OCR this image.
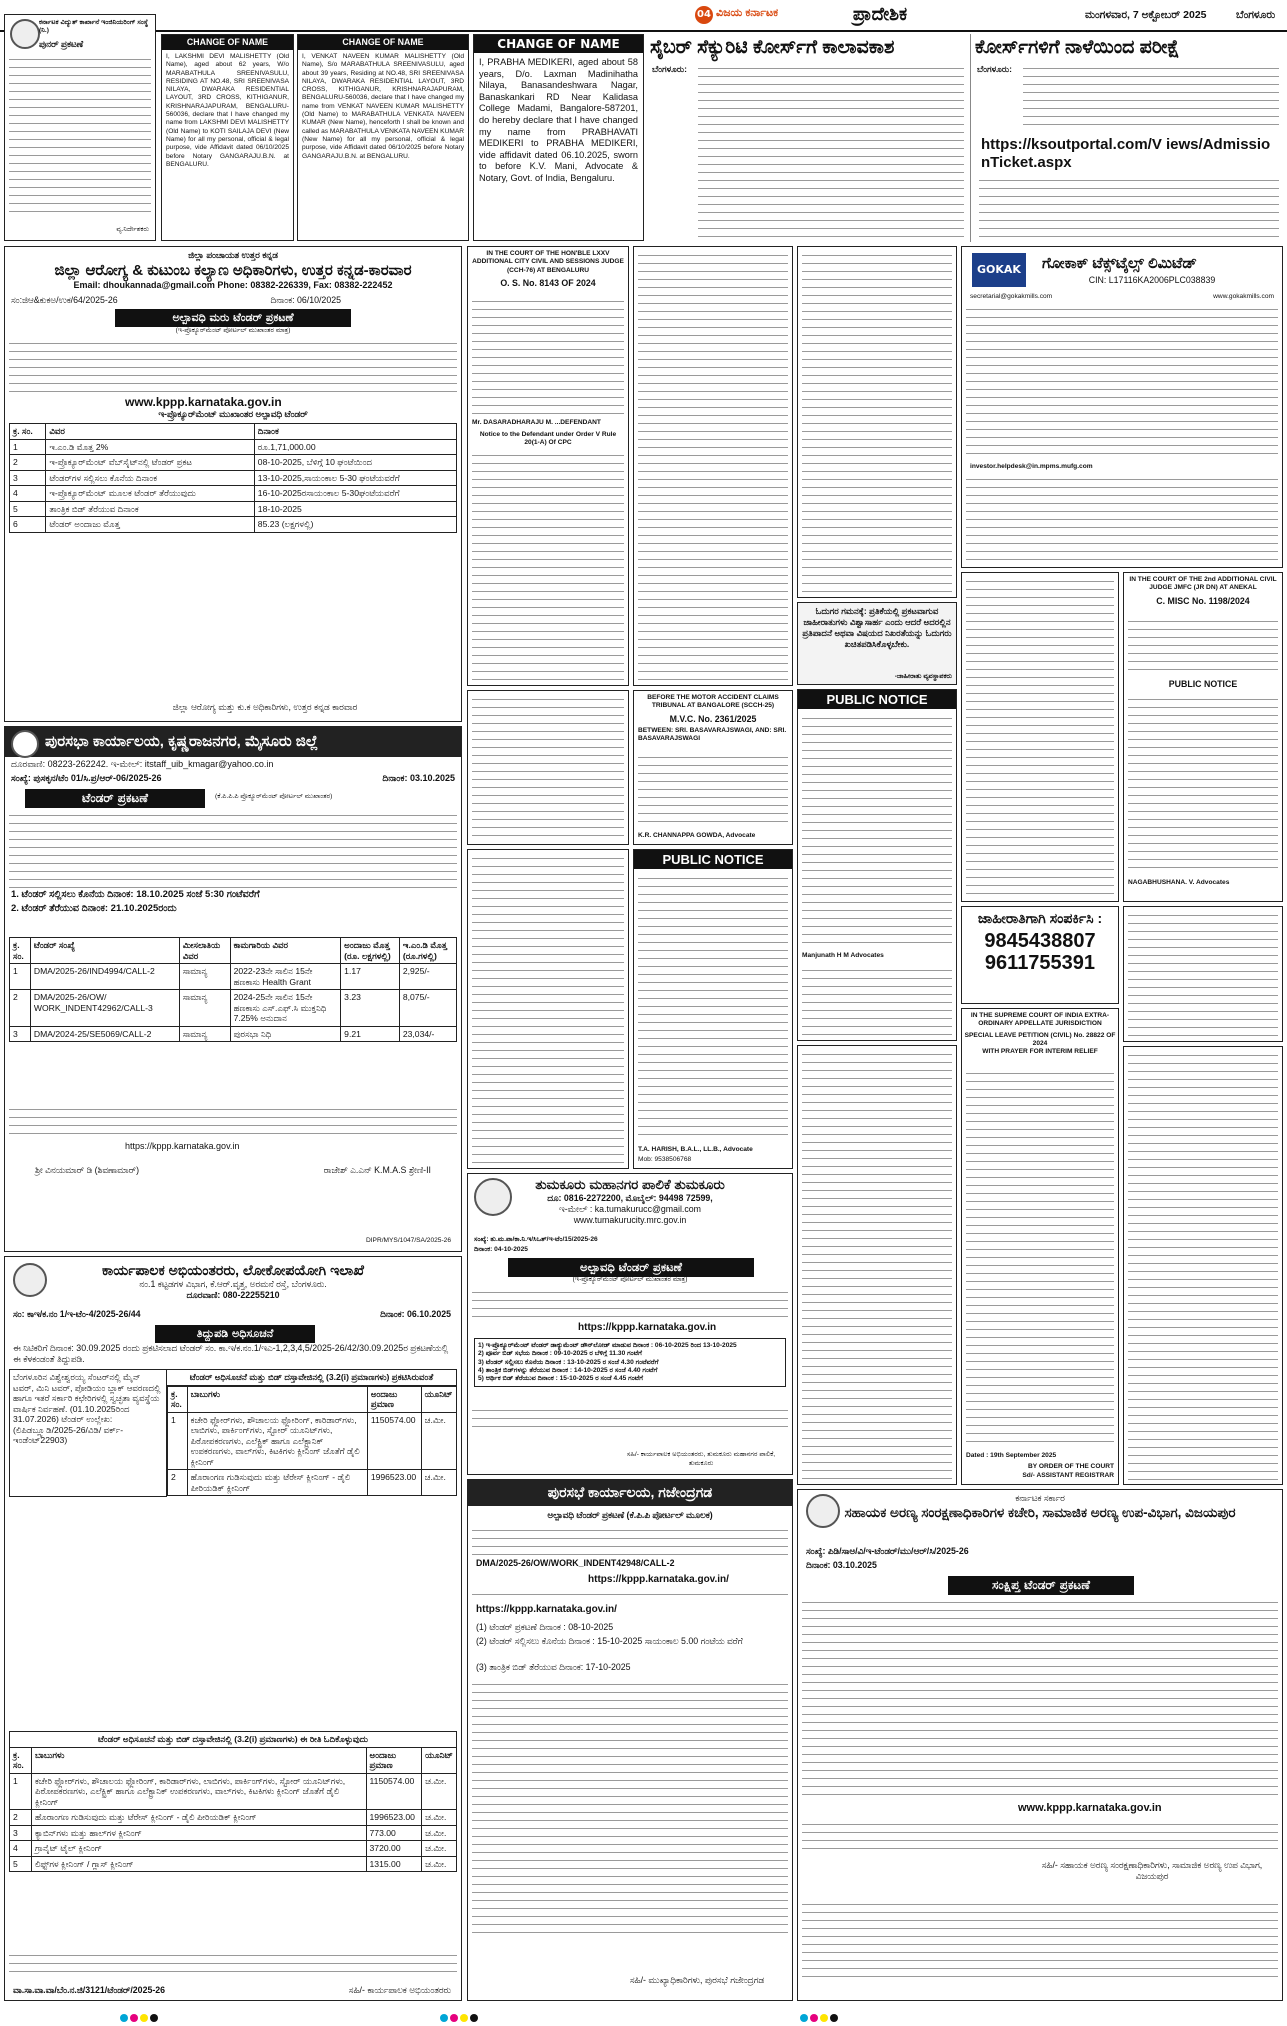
04 ವಿಜಯ ಕರ್ನಾಟಕ	ಪ್ರಾದೇಶಿಕ	ಮಂಗಳವಾರ, 7 ಅಕ್ಟೋಬರ್ 2025	ಬೆಂಗಳೂರು
ಕರ್ನಾಟಕ ವಿದ್ಯುತ್ ಕಾರ್ಖಾನೆ ಇಂಜಿನಿಯರಿಂಗ್ ಸಂಸ್ಥೆ (ನಿ.)
ಪುನರ್ ಪ್ರಕಟಣೆ
ವ್ಯ.ನಿರ್ದೇಶಕರು
CHANGE OF NAME
I, LAKSHMI DEVI MALISHETTY (Old Name), aged about 62 years, W/o MARABATHULA SREENIVASULU, RESIDING AT NO.48, SRI SREENIVASA NILAYA, DWARAKA RESIDENTIAL LAYOUT, 3RD CROSS, KITHIGANUR, KRISHNARAJAPURAM, BENGALURU-560036, declare that I have changed my name from LAKSHMI DEVI MALISHETTY (Old Name) to KOTI SAILAJA DEVI (New Name) for all my personal, official & legal purpose, vide Affidavit dated 06/10/2025 before Notary GANGARAJU.B.N. at BENGALURU.
CHANGE OF NAME
I, VENKAT NAVEEN KUMAR MALISHETTY (Old Name), S/o MARABATHULA SREENIVASULU, aged about 39 years, Residing at NO.48, SRI SREENIVASA NILAYA, DWARAKA RESIDENTIAL LAYOUT, 3RD CROSS, KITHIGANUR, KRISHNARAJAPURAM, BENGALURU-560036, declare that I have changed my name from VENKAT NAVEEN KUMAR MALISHETTY (Old Name) to MARABATHULA VENKATA NAVEEN KUMAR (New Name), henceforth I shall be known and called as MARABATHULA VENKATA NAVEEN KUMAR (New Name) for all my personal, official & legal purpose, vide Affidavit dated 06/10/2025 before Notary GANGARAJU.B.N. at BENGALURU.
CHANGE OF NAME
I, PRABHA MEDIKERI, aged about 58 years, D/o. Laxman Madinihatha Nilaya, Banasandeshwara Nagar, Banaskankari RD Near Kalidasa College Madami, Bangalore-587201, do hereby declare that I have changed my name from PRABHAVATI MEDIKERI to PRABHA MEDIKERI, vide affidavit dated 06.10.2025, sworn to before K.V. Mani, Advocate & Notary, Govt. of India, Bengaluru.
ಸೈಬರ್ ಸೆಕ್ಯುರಿಟಿ ಕೋರ್ಸ್‌ಗೆ ಕಾಲಾವಕಾಶ
ಬೆಂಗಳೂರು:
ಕೋರ್ಸ್‌ಗಳಿಗೆ ನಾಳೆಯಿಂದ ಪರೀಕ್ಷೆ
ಬೆಂಗಳೂರು:
https://ksoutportal.com/V iews/AdmissionTicket.aspx
ಜಿಲ್ಲಾ ಪಂಚಾಯತ ಉತ್ತರ ಕನ್ನಡ
ಜಿಲ್ಲಾ ಆರೋಗ್ಯ & ಕುಟುಂಬ ಕಲ್ಯಾಣ ಅಧಿಕಾರಿಗಳು, ಉತ್ತರ ಕನ್ನಡ-ಕಾರವಾರ
Email: dhoukannada@gmail.com Phone: 08382-226339, Fax: 08382-222452
ಸಂ:ಜಿಆ&ಕುಕಅ/ಉಕ/64/2025-26	ದಿನಾಂಕ: 06/10/2025
ಅಲ್ಪಾವಧಿ ಮರು ಟೆಂಡರ್ ಪ್ರಕಟಣೆ
(ಇ-ಪ್ರೊಕ್ಯೂರ್‌ಮೆಂಟ್ ಪೋರ್ಟಲ್ ಮುಖಾಂತರ ಮಾತ್ರ)
www.kppp.karnataka.gov.in
ಇ-ಪ್ರೊಕ್ಯೂರ್‌ಮೆಂಟ್ ಮುಖಾಂತರ ಅಲ್ಪಾವಧಿ ಟೆಂಡರ್
ಕ್ರ. ಸಂ.	ವಿವರ	ದಿನಾಂಕ
1	ಇ.ಎಂ.ಡಿ ಮೊತ್ತ 2%	ರೂ.1,71,000.00
2	ಇ-ಪ್ರೊಕ್ಯೂರ್‌ಮೆಂಟ್ ವೆಬ್‌ಸೈಟ್‌ನಲ್ಲಿ ಟೆಂಡರ್ ಪ್ರಕಟ	08-10-2025, ಬೆಳಿಗ್ಗೆ 10 ಘಂಟೆಯಿಂದ
3	ಟೆಂಡರ್‌ಗಳ ಸಲ್ಲಿಸಲು ಕೊನೆಯ ದಿನಾಂಕ	13-10-2025,ಸಾಯಂಕಾಲ 5-30 ಘಂಟೆಯವರೆಗೆ
4	ಇ-ಪ್ರೊಕ್ಯೂರ್‌ಮೆಂಟ್ ಮೂಲಕ ಟೆಂಡರ್ ತೆರೆಯುವುದು	16-10-2025ರಸಾಯಂಕಾಲ 5-30ಘಂಟೆಯವರೆಗೆ
5	ತಾಂತ್ರಿಕ ಬಿಡ್ ತೆರೆಯುವ ದಿನಾಂಕ	18-10-2025
6	ಟೆಂಡರ್ ಅಂದಾಜು ಮೊತ್ತ	85.23 (ಲಕ್ಷಗಳಲ್ಲಿ)
ಜಿಲ್ಲಾ ಆರೋಗ್ಯ ಮತ್ತು ಕು.ಕ ಅಧಿಕಾರಿಗಳು, ಉತ್ತರ ಕನ್ನಡ ಕಾರವಾರ
ಪುರಸಭಾ ಕಾರ್ಯಾಲಯ, ಕೃಷ್ಣರಾಜನಗರ, ಮೈಸೂರು ಜಿಲ್ಲೆ
ದೂರವಾಣಿ: 08223-262242. ಇ-ಮೇಲ್: itstaff_uib_kmagar@yahoo.co.in
ಸಂಖ್ಯೆ: ಪುಸಕೃನ/ಟೆಂ 01/ಸಿ.ಪ್ರ/ಆರ್-06/2025-26	ದಿನಾಂಕ: 03.10.2025
ಟೆಂಡರ್ ಪ್ರಕಟಣೆ	(ಕೆ.ಪಿ.ಪಿ.ಪಿ ಪ್ರೊಕ್ಯೂರ್‌ಮೆಂಟ್ ಪೋರ್ಟಲ್ ಮುಖಾಂತರ)
1. ಟೆಂಡರ್ ಸಲ್ಲಿಸಲು ಕೊನೆಯ ದಿನಾಂಕ: 18.10.2025 ಸಂಜೆ 5:30 ಗಂಟೆವರೆಗೆ
2. ಟೆಂಡರ್ ತೆರೆಯುವ ದಿನಾಂಕ: 21.10.2025ರಂದು
ಕ್ರ. ಸಂ.	ಟೆಂಡರ್ ಸಂಖ್ಯೆ	ಮೀಸಲಾತಿಯ ವಿವರ	ಕಾಮಗಾರಿಯ ವಿವರ	ಅಂದಾಜು ಮೊತ್ತ (ರೂ. ಲಕ್ಷಗಳಲ್ಲಿ)	ಇ.ಎಂ.ಡಿ ಮೊತ್ತ (ರೂ.ಗಳಲ್ಲಿ)
1	DMA/2025-26/IND4994/CALL-2	ಸಾಮಾನ್ಯ	2022-23ನೇ ಸಾಲಿನ 15ನೇ ಹಣಕಾಸು Health Grant	1.17	2,925/-
2	DMA/2025-26/OW/ WORK_INDENT42962/CALL-3	ಸಾಮಾನ್ಯ	2024-25ನೇ ಸಾಲಿನ 15ನೇ ಹಣಕಾಸು ಎಸ್.ಎಫ್.ಸಿ ಮುಕ್ತನಿಧಿ 7.25% ಅನುದಾನ	3.23	8,075/-
3	DMA/2024-25/SE5069/CALL-2	ಸಾಮಾನ್ಯ	ಪುರಸಭಾ ನಿಧಿ	9.21	23,034/-
https://kppp.karnataka.gov.in
ಶ್ರೀ ವಿನಯಮಾರ್ ಡಿ (ಶಿವಣಾಮಾರ್)	ರಾಜೇಶ್ ಎ.ಎನ್ K.M.A.S ಶ್ರೇಣಿ-II
DIPR/MYS/1047/SA/2025-26
ಕಾರ್ಯಪಾಲಕ ಅಭಿಯಂತರರು, ಲೋಕೋಪಯೋಗಿ ಇಲಾಖೆ
ನಂ.1 ಕಟ್ಟಡಗಳ ವಿಭಾಗ, ಕೆ.ಆರ್.ವೃತ್ತ, ಅರಮನೆ ರಸ್ತೆ, ಬೆಂಗಳೂರು.
ದೂರವಾಣಿ: 080-22255210
ಸಂ: ಕಾಇ/ಕ.ನಂ 1/ಇ-ಟೆಂ-4/2025-26/44	ದಿನಾಂಕ: 06.10.2025
ತಿದ್ದುಪಡಿ ಅಧಿಸೂಚನೆ
ಈ ನಿಟಿಕರಿಗೆ ದಿನಾಂಕ: 30.09.2025 ರಂದು ಪ್ರಕಟಿಸಲಾದ ಟೆಂಡರ್ ಸಂ. ಕಾ.ಇ/ಕ.ನಂ.1/ಇಎ-1,2,3,4,5/2025-26/42/30.09.2025ರ ಪ್ರಕಟಣೆಯಲ್ಲಿ ಈ ಕೆಳಕಂಡಂತೆ ತಿದ್ದುಪಡಿ.
ಬೆಂಗಳೂರಿನ ವಿಶ್ವೇಶ್ವರಯ್ಯ ಸೆಂಟರ್‌ನಲ್ಲಿ ಮೈನ್ ಟವರ್, ಮಿನಿ ಟವರ್, ಪೋಡಿಯಂ ಬ್ಲಾಕ್ ಆವರಣದಲ್ಲಿ ಹಾಗೂ ಇತರೆ ಸರ್ಕಾರಿ ಕಛೇರಿಗಳಲ್ಲಿ ಸ್ವಚ್ಛತಾ ವ್ಯವಸ್ಥೆಯ ವಾರ್ಷಿಕ ನಿರ್ವಹಣೆ. (01.10.2025ರಿಂದ 31.07.2026) ಟೆಂಡರ್ ಉಲ್ಲೇಖ: (ಲಿಪಿಡಬ್ಲ್ಯೂಡಿ/2025-26/ವಿಡಿ/ ವರ್ಕ್-ಇಂಡೆಂಟ್22903)	ಟೆಂಡರ್ ಅಧಿಸೂಚನೆ ಮತ್ತು ಬಿಡ್ ದಸ್ತಾವೇಜಿನಲ್ಲಿ (3.2(i) ಪ್ರಮಾಣಗಳು) ಪ್ರಕಟಿಸಿರುವಂತೆ

ಕ್ರ. ಸಂ.	ಬಾಬುಗಳು	ಅಂದಾಜು ಪ್ರಮಾಣ	ಯೂನಿಟ್
1	ಕಚೇರಿ ಫ್ಲೋರ್‌ಗಳು, ಶೌಚಾಲಯ ಫ್ಲೋರಿಂಗ್, ಕಾರಿಡಾರ್‌ಗಳು, ಲಾಬಿಗಳು, ಪಾರ್ಕಿಂಗ್‌ಗಳು, ಸ್ಟೋರ್ ಯೂನಿಟ್‌ಗಳು, ಪಿಠೋಪಕರಣಗಳು, ಎಲೆಕ್ಟ್ರಿಕ್ ಹಾಗೂ ಎಲೆಕ್ಟ್ರಾನಿಕ್ ಉಪಕರಣಗಳು, ವಾಲ್‌ಗಳು, ಕಿಟಕಿಗಳು ಕ್ಲೀನಿಂಗ್ ಜೊತೆಗೆ ಡೈಲಿ ಕ್ಲೀನಿಂಗ್	1150574.00	ಚ.ಮೀ.
2	ಹೊರಾಂಗಣ ಗುಡಿಸುವುದು ಮತ್ತು ಟೆರೇಸ್ ಕ್ಲೀನಿಂಗ್ - ಡೈಲಿ ಪೀರಿಯಡಿಕ್ ಕ್ಲೀನಿಂಗ್	1996523.00	ಚ.ಮೀ.
ಟೆಂಡರ್ ಅಧಿಸೂಚನೆ ಮತ್ತು ಬಿಡ್ ದಸ್ತಾವೇಜಿನಲ್ಲಿ (3.2(i) ಪ್ರಮಾಣಗಳು) ಈ ರೀತಿ ಓದಿಕೊಳ್ಳುವುದು			
ಕ್ರ. ಸಂ.	ಬಾಬುಗಳು	ಅಂದಾಜು ಪ್ರಮಾಣ	ಯೂನಿಟ್
1	ಕಚೇರಿ ಫ್ಲೋರ್‌ಗಳು, ಶೌಚಾಲಯ ಫ್ಲೋರಿಂಗ್, ಕಾರಿಡಾರ್‌ಗಳು, ಲಾಬಿಗಳು, ಪಾರ್ಕಿಂಗ್‌ಗಳು, ಸ್ಟೋರ್ ಯೂನಿಟ್‌ಗಳು, ಪಿಠೋಪಕರಣಗಳು, ಎಲೆಕ್ಟ್ರಿಕ್ ಹಾಗೂ ಎಲೆಕ್ಟ್ರಾನಿಕ್ ಉಪಕರಣಗಳು, ವಾಲ್‌ಗಳು, ಕಿಟಕಿಗಳು ಕ್ಲೀನಿಂಗ್ ಜೊತೆಗೆ ಡೈಲಿ ಕ್ಲೀನಿಂಗ್	1150574.00	ಚ.ಮೀ.
2	ಹೊರಾಂಗಣ ಗುಡಿಸುವುದು ಮತ್ತು ಟೆರೇಸ್ ಕ್ಲೀನಿಂಗ್ - ಡೈಲಿ ಪೀರಿಯಡಿಕ್ ಕ್ಲೀನಿಂಗ್	1996523.00	ಚ.ಮೀ.
3	ಕ್ಯಾಬಿನ್‌ಗಳು ಮತ್ತು ಹಾಲ್‌ಗಳ ಕ್ಲೀನಿಂಗ್	773.00	ಚ.ಮೀ.
4	ಗ್ರಾನೈಟ್ ಟೈಲ್ ಕ್ಲೀನಿಂಗ್	3720.00	ಚ.ಮೀ.
5	ಲಿಫ್ಟ್‌ಗಳ ಕ್ಲೀನಿಂಗ್ / ಗ್ಲಾಸ್ ಕ್ಲೀನಿಂಗ್	1315.00	ಚ.ಮೀ.
ವಾ.ಸಾ.ವಾ.ವಾ/ಬೆಂ.ನ.ಜಿ/3121/ಟೆಂಡರ್/2025-26	ಸಹಿ/- ಕಾರ್ಯಪಾಲಕ ಅಭಿಯಂತರರು
IN THE COURT OF THE HON'BLE LXXV ADDITIONAL CITY CIVIL AND SESSIONS JUDGE (CCH-76) AT BENGALURU
O. S. No. 8143 OF 2024
Mr. DASARADHARAJU M. ...DEFENDANT
Notice to the Defendant under Order V Rule 20(1-A) Of CPC
BEFORE THE MOTOR ACCIDENT CLAIMS TRIBUNAL AT BANGALORE (SCCH-25)
M.V.C. No. 2361/2025
BETWEEN: SRI. BASAVARAJSWAGI, AND: SRI. BASAVARAJSWAGI
K.R. CHANNAPPA GOWDA, Advocate
PUBLIC NOTICE
T.A. HARISH, B.A.L., LL.B., Advocate
Mob: 9538506768
ತುಮಕೂರು ಮಹಾನಗರ ಪಾಲಿಕೆ ತುಮಕೂರು
ದೂ: 0816-2272200, ಮೊಬೈಲ್: 94498 72599,
ಇ-ಮೇಲ್ : ka.tumakurucc@gmail.com
www.tumakurucity.mrc.gov.in
ಸಂಖ್ಯೆ: ತು.ಮ.ಪಾ/ಕಾ.ನಿ.ಇ/ಸಿಒತ್/ಇ-ಟೆಂ/15/2025-26
ದಿನಾಂಕ: 04-10-2025
ಅಲ್ಪಾವಧಿ ಟೆಂಡರ್ ಪ್ರಕಟಣೆ
(ಇ-ಪ್ರೊಕ್ಯೂರ್‌ಮೆಂಟ್ ಪೋರ್ಟಲ್ ಮುಖಾಂತರ ಮಾತ್ರ)
https://kppp.karnataka.gov.in
1) ಇ-ಪ್ರೊಕ್ಯೂರ್‌ಮೆಂಟ್ ಟೆಂಡರ್ ಡಾಕ್ಯುಮೆಂಟ್ ಡೌನ್‌ಲೋಡ್ ಮಾಡುವ ದಿನಾಂಕ : 06-10-2025 ರಿಂದ 13-10-2025
2) ಪೂರ್ವ ಬಿಡ್ ಸಭೆಯ ದಿನಾಂಕ : 09-10-2025 ರ ಬೆಳಿಗ್ಗೆ 11.30 ಗಂಟೆಗೆ
3) ಟೆಂಡರ್ ಸಲ್ಲಿಸಲು ಕೊನೆಯ ದಿನಾಂಕ : 13-10-2025 ರ ಸಂಜೆ 4.30 ಗಂಟೆವರೆಗೆ
4) ತಾಂತ್ರಿಕ ಬಿಡ್‌ಗಳನ್ನು ತೆರೆಯುವ ದಿನಾಂಕ : 14-10-2025 ರ ಸಂಜೆ 4.40 ಗಂಟೆಗೆ
5) ಆರ್ಥಿಕ ಬಿಡ್ ತೆರೆಯುವ ದಿನಾಂಕ : 15-10-2025 ರ ಸಂಜೆ 4.45 ಗಂಟೆಗೆ
ಸಹಿ/- ಕಾರ್ಯಪಾಲಕ ಅಭಿಯಂತರರು, ತುಮಕೂರು ಮಹಾನಗರ ಪಾಲಿಕೆ, ತುಮಕೂರು
ಪುರಸಭೆ ಕಾರ್ಯಾಲಯ, ಗಜೇಂದ್ರಗಡ
ಅಲ್ಪಾವಧಿ ಟೆಂಡರ್ ಪ್ರಕಟಣೆ (ಕೆ.ಪಿ.ಪಿ ಪೋರ್ಟಲ್ ಮೂಲಕ)
DMA/2025-26/OW/WORK_INDENT42948/CALL-2
https://kppp.karnataka.gov.in/
https://kppp.karnataka.gov.in/
(1) ಟೆಂಡರ್ ಪ್ರಕಟಣೆ ದಿನಾಂಕ : 08-10-2025
(2) ಟೆಂಡರ್ ಸಲ್ಲಿಸಲು ಕೊನೆಯ ದಿನಾಂಕ : 15-10-2025 ಸಾಯಂಕಾಲ 5.00 ಗಂಟೆಯ ವರೆಗೆ
(3) ತಾಂತ್ರಿಕ ಬಿಡ್ ತೆರೆಯುವ ದಿನಾಂಕ: 17-10-2025
ಸಹಿ/- ಮುಖ್ಯಾಧಿಕಾರಿಗಳು, ಪುರಸಭೆ ಗಜೇಂದ್ರಗಡ
ಓದುಗರ ಗಮನಕ್ಕೆ: ಪ್ರತಿಕೆಯಲ್ಲಿ ಪ್ರಕಟವಾಗುವ ಜಾಹೀರಾತುಗಳು ವಿಶ್ವಾಸಾರ್ಹ ಎಂದು ಆದರೆ ಅದರಲ್ಲಿನ ಪ್ರತಿಪಾದನೆ ಅಥವಾ ವಿಷಯದ ನಿಖರತೆಯನ್ನು ಓದುಗರು ಖಚಿತಪಡಿಸಿಕೊಳ್ಳಬೇಕು.
-ಜಾಹೀರಾತು ವ್ಯವಸ್ಥಾಪಕರು
PUBLIC NOTICE
Manjunath H M Advocates
ಕರ್ನಾಟಕ ಸರ್ಕಾರ
ಸಹಾಯಕ ಅರಣ್ಯ ಸಂರಕ್ಷಣಾಧಿಕಾರಿಗಳ ಕಚೇರಿ, ಸಾಮಾಜಿಕ ಅರಣ್ಯ ಉಪ-ವಿಭಾಗ, ವಿಜಯಪುರ
ಸಂಖ್ಯೆ: ಪಿಡಿ/ಸಾಅ/ವಿ/ಇ-ಟೆಂಡರ್/ಮು/ಆರ್/ಸಿ/2025-26
ದಿನಾಂಕ: 03.10.2025
ಸಂಕ್ಷಿಪ್ತ ಟೆಂಡರ್ ಪ್ರಕಟಣೆ
www.kppp.karnataka.gov.in
ಸಹಿ/- ಸಹಾಯಕ ಅರಣ್ಯ ಸಂರಕ್ಷಣಾಧಿಕಾರಿಗಳು, ಸಾಮಾಜಿಕ ಅರಣ್ಯ ಉಪ ವಿಭಾಗ, ವಿಜಯಪುರ
GOKAK	ಗೋಕಾಕ್ ಟೆಕ್ಸ್‌ಟೈಲ್ಸ್ ಲಿಮಿಟೆಡ್
CIN: L17116KA2006PLC038839
secretarial@gokakmills.com	www.gokakmills.com
investor.helpdesk@in.mpms.mufg.com
IN THE COURT OF THE 2nd ADDITIONAL CIVIL JUDGE JMFC (JR DN) AT ANEKAL
C. MISC No. 1198/2024
PUBLIC NOTICE
NAGABHUSHANA. V. Advocates
ಜಾಹೀರಾತಿಗಾಗಿ ಸಂಪರ್ಕಿಸಿ :
9845438807
9611755391
IN THE SUPREME COURT OF INDIA EXTRA-ORDINARY APPELLATE JURISDICTION
SPECIAL LEAVE PETITION (CIVIL) No. 28822 OF 2024
WITH PRAYER FOR INTERIM RELIEF
Dated : 19th September 2025
BY ORDER OF THE COURT Sd/- ASSISTANT REGISTRAR
